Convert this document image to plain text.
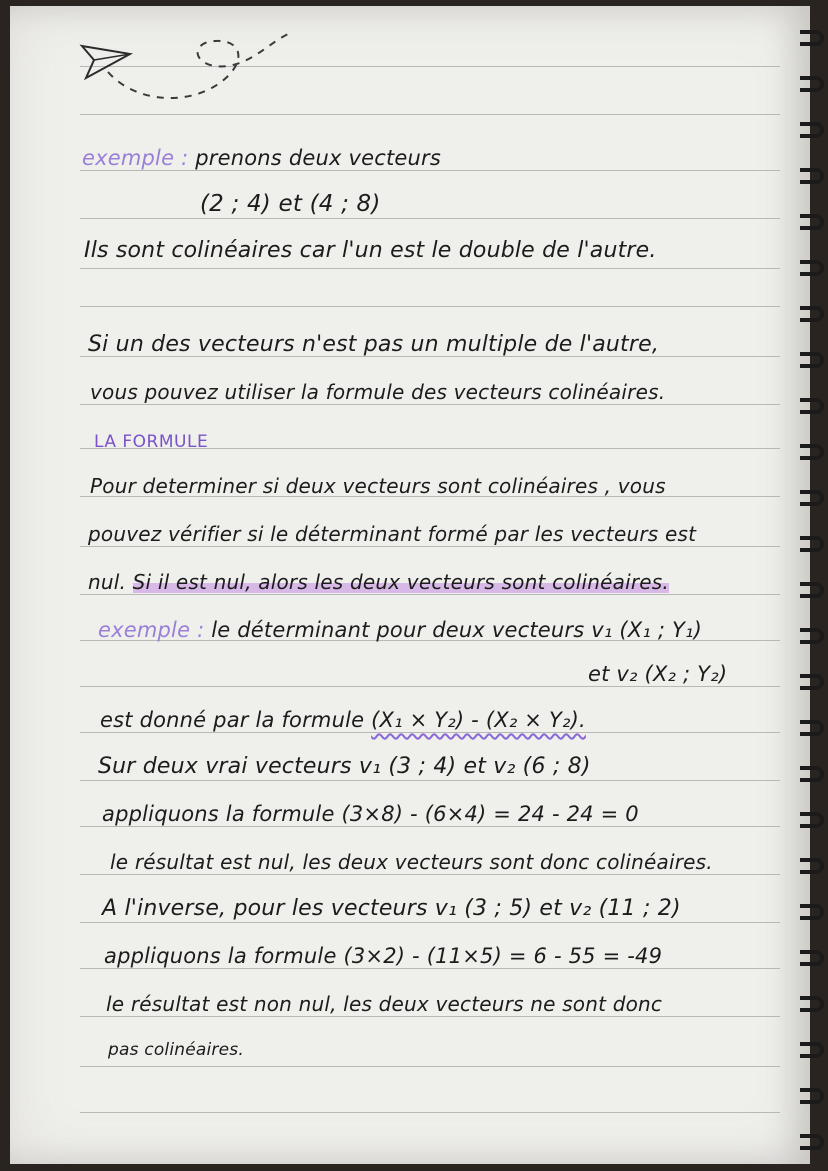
exemple : prenons deux vecteurs
(2 ; 4) et (4 ; 8)
Ils sont colinéaires car l'un est le double de l'autre.
Si un des vecteurs n'est pas un multiple de l'autre,
vous pouvez utiliser la formule des vecteurs colinéaires.
LA FORMULE
Pour determiner si deux vecteurs sont colinéaires , vous
pouvez vérifier si le déterminant formé par les vecteurs est
nul. Si il est nul, alors les deux vecteurs sont colinéaires.
exemple : le déterminant pour deux vecteurs v₁ (X₁ ; Y₁)
et v₂ (X₂ ; Y₂)
est donné par la formule (X₁ × Y₂) - (X₂ × Y₂).
Sur deux vrai vecteurs v₁ (3 ; 4) et v₂ (6 ; 8)
appliquons la formule (3×8) - (6×4) = 24 - 24 = 0
le résultat est nul, les deux vecteurs sont donc colinéaires.
A l'inverse, pour les vecteurs v₁ (3 ; 5) et v₂ (11 ; 2)
appliquons la formule (3×2) - (11×5) = 6 - 55 = -49
le résultat est non nul, les deux vecteurs ne sont donc
pas colinéaires.
